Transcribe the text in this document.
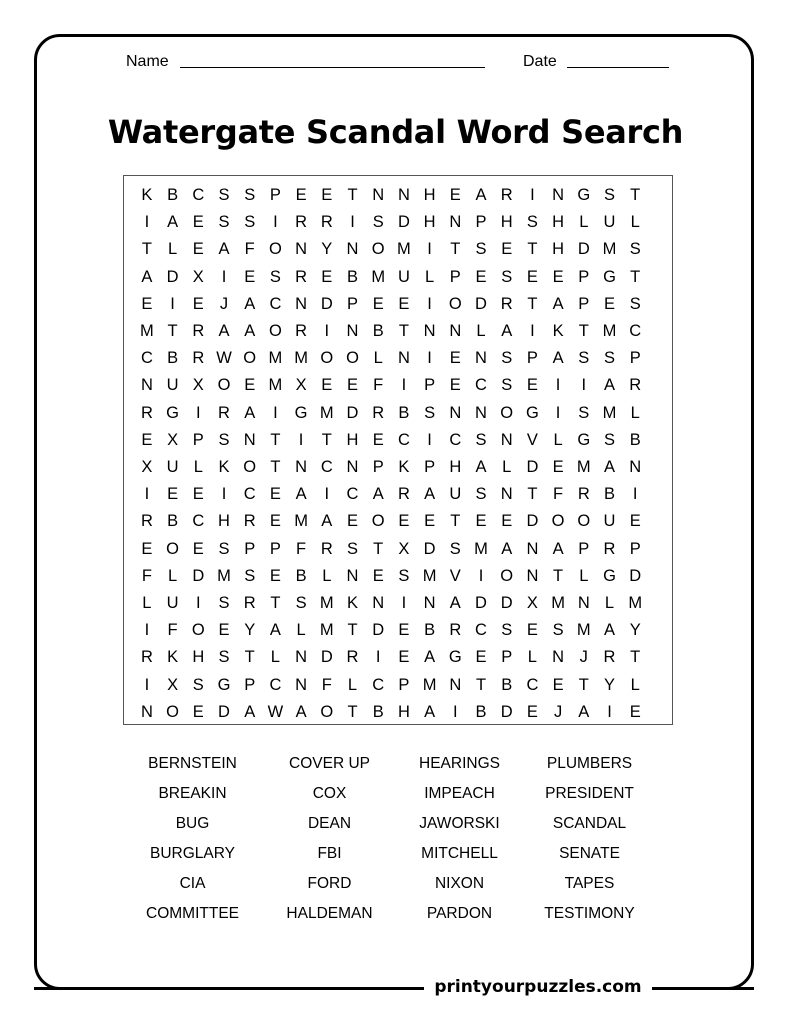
Name	Date
Watergate Scandal Word Search
K B C S S P E E T N N H E A R	I	N G S T
I	A E S S	I	R R	I	S D H N P H S H L U L
T L E A F O N Y N O M	I	T S E T H D M S
A D X	I	E S R E B M U L P E S E E P G T
E	I	E J A C N D P E E	I	O D R T A P E S
M T R A A O R	I	N B T N N L A	I	K T M C
C B R W O M M O O L N	I	E N S P A S S P
N U X O E M X E E F	I	P E C S E	I	I	A R
R G	I	R A	I	G M D R B S N N O G	I	S M L
E X P S N T	I	T H E C	I	C S N V L G S B
X U L K O T N C N P K P H A L D E M A N
I	E E	I	C E A	I	C A R A U S N T F R B	I
R B C H R E M A E O E E T E E D O O U E
E O E S P P F R S T X D S M A N A P R P
F L D M S E B L N E S M V	I	O N T L G D
L U	I	S R T S M K N	I	N A D D X M N L M
I	F O E Y A L M T D E B R C S E S M A Y
R K H S T L N D R	I	E A G E P L N J R T
I	X S G P C N F L C P M N T B C E T Y L
N O E D A W A O T B H A	I	B D E J A	I	E
BERNSTEIN	COVER UP	HEARINGS	PLUMBERS
BREAKIN	COX	IMPEACH	PRESIDENT
BUG	DEAN	JAWORSKI	SCANDAL
BURGLARY	FBI	MITCHELL	SENATE
CIA	FORD	NIXON	TAPES
COMMITTEE	HALDEMAN	PARDON	TESTIMONY
printyourpuzzles.com
